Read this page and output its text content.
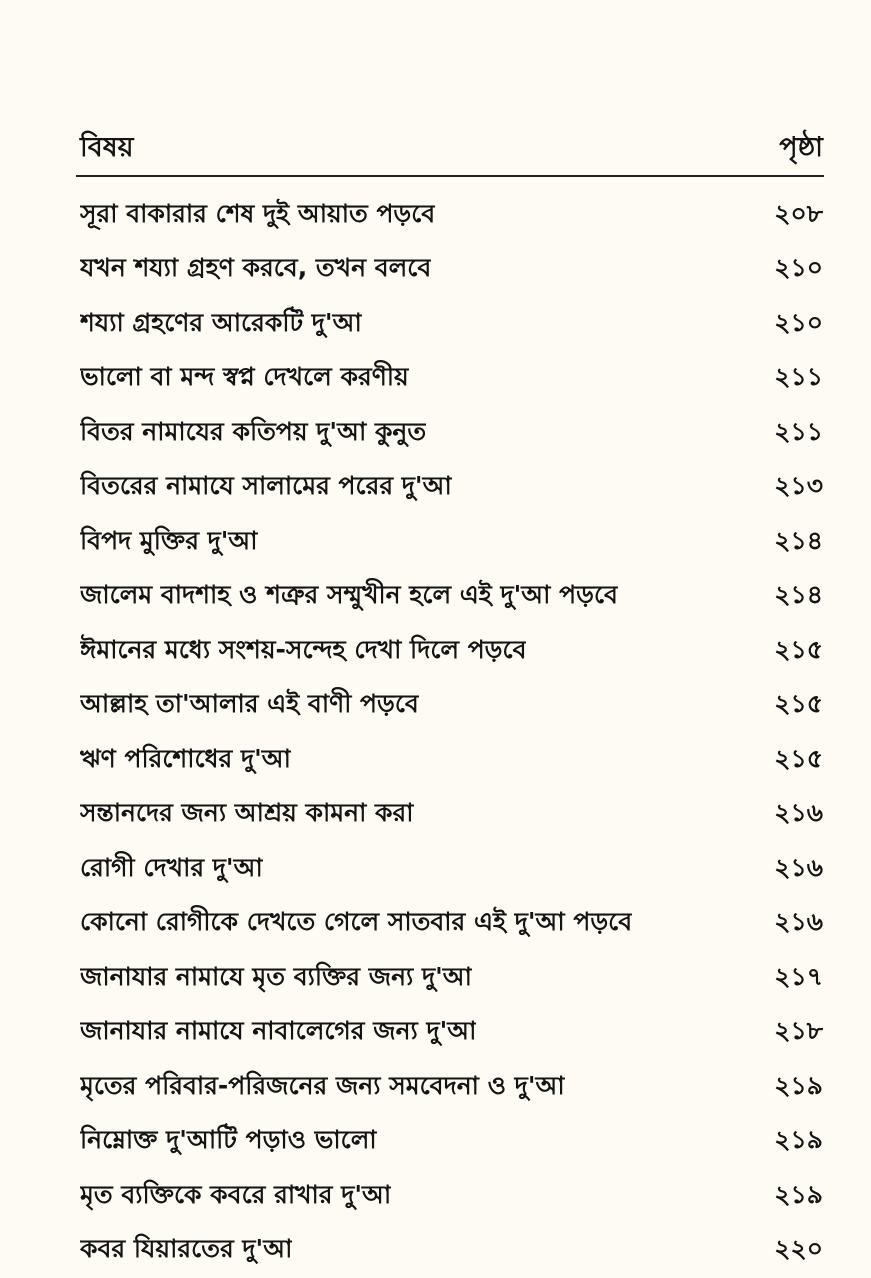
বিষয়	পৃষ্ঠা
সূরা বাকারার শেষ দুই আয়াত পড়বে	২০৮
যখন শয্যা গ্রহণ করবে, তখন বলবে	২১০
শয্যা গ্রহণের আরেকটি দু'আ	২১০
ভালো বা মন্দ স্বপ্ন দেখলে করণীয়	২১১
বিতর নামাযের কতিপয় দু'আ কুনুত	২১১
বিতরের নামাযে সালামের পরের দু'আ	২১৩
বিপদ মুক্তির দু'আ	২১৪
জালেম বাদশাহ ও শত্রুর সম্মুখীন হলে এই দু'আ পড়বে	২১৪
ঈমানের মধ্যে সংশয়-সন্দেহ দেখা দিলে পড়বে	২১৫
আল্লাহ তা'আলার এই বাণী পড়বে	২১৫
ঋণ পরিশোধের দু'আ	২১৫
সন্তানদের জন্য আশ্রয় কামনা করা	২১৬
রোগী দেখার দু'আ	২১৬
কোনো রোগীকে দেখতে গেলে সাতবার এই দু'আ পড়বে	২১৬
জানাযার নামাযে মৃত ব্যক্তির জন্য দু'আ	২১৭
জানাযার নামাযে নাবালেগের জন্য দু'আ	২১৮
মৃতের পরিবার-পরিজনের জন্য সমবেদনা ও দু'আ	২১৯
নিম্নোক্ত দু'আটি পড়াও ভালো	২১৯
মৃত ব্যক্তিকে কবরে রাখার দু'আ	২১৯
কবর যিয়ারতের দু'আ	২২০
